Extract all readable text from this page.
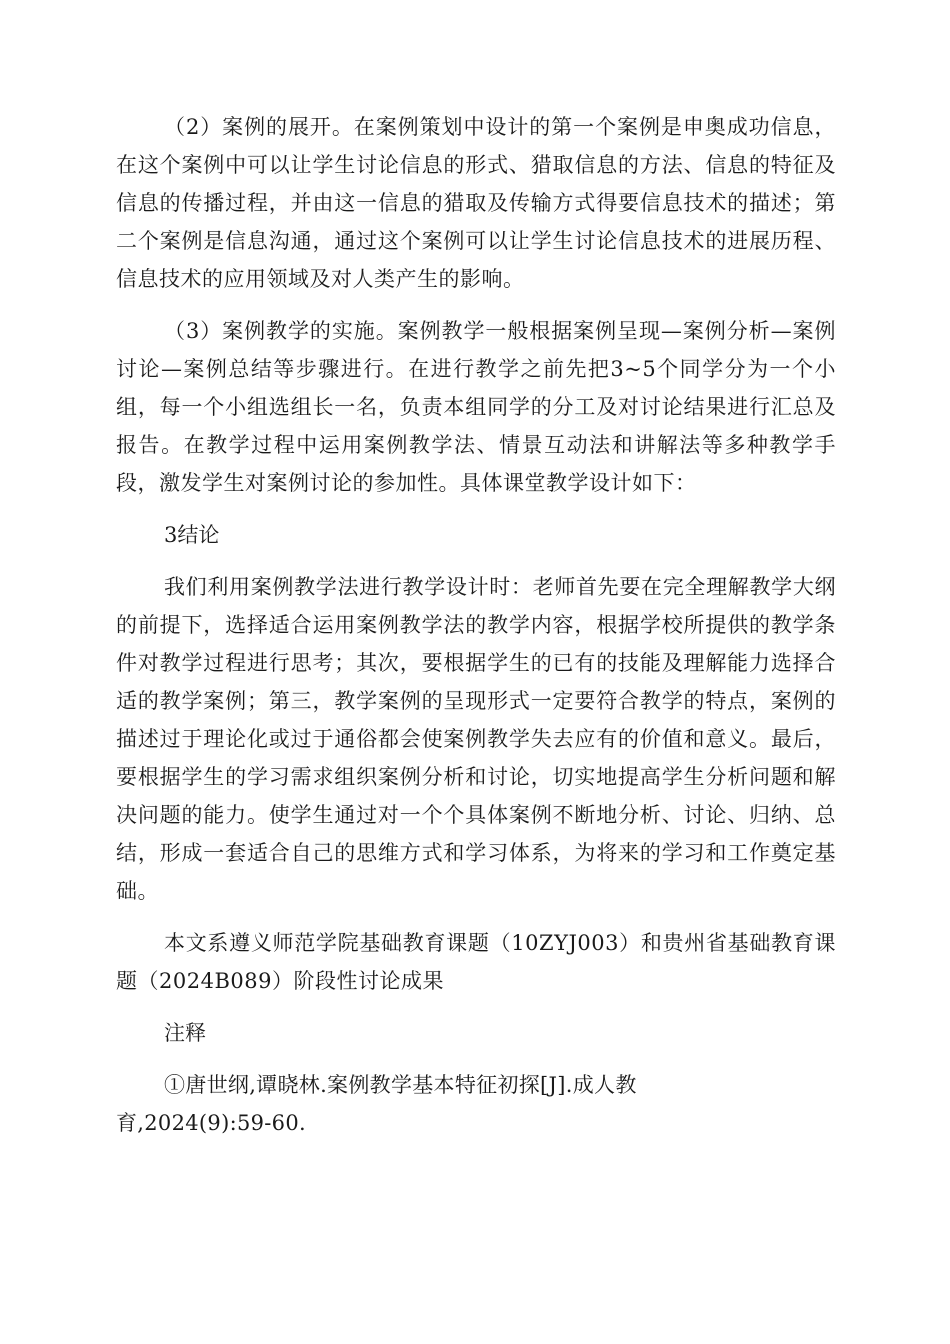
（2）案例的展开。在案例策划中设计的第一个案例是申奥成功信息，在这个案例中可以让学生讨论信息的形式、猎取信息的方法、信息的特征及信息的传播过程，并由这一信息的猎取及传输方式得要信息技术的描述；第二个案例是信息沟通，通过这个案例可以让学生讨论信息技术的进展历程、信息技术的应用领域及对人类产生的影响。

（3）案例教学的实施。案例教学一般根据案例呈现—案例分析—案例讨论—案例总结等步骤进行。在进行教学之前先把3~5个同学分为一个小组，每一个小组选组长一名，负责本组同学的分工及对讨论结果进行汇总及报告。在教学过程中运用案例教学法、情景互动法和讲解法等多种教学手段，激发学生对案例讨论的参加性。具体课堂教学设计如下：

3结论

我们利用案例教学法进行教学设计时：老师首先要在完全理解教学大纲的前提下，选择适合运用案例教学法的教学内容，根据学校所提供的教学条件对教学过程进行思考；其次，要根据学生的已有的技能及理解能力选择合适的教学案例；第三，教学案例的呈现形式一定要符合教学的特点，案例的描述过于理论化或过于通俗都会使案例教学失去应有的价值和意义。最后，要根据学生的学习需求组织案例分析和讨论，切实地提高学生分析问题和解决问题的能力。使学生通过对一个个具体案例不断地分析、讨论、归纳、总结，形成一套适合自己的思维方式和学习体系，为将来的学习和工作奠定基础。

本文系遵义师范学院基础教育课题（10ZYJ003）和贵州省基础教育课题（2024B089）阶段性讨论成果

注释

①唐世纲,谭晓林.案例教学基本特征初探[J].成人教育,2024(9):59-60.
